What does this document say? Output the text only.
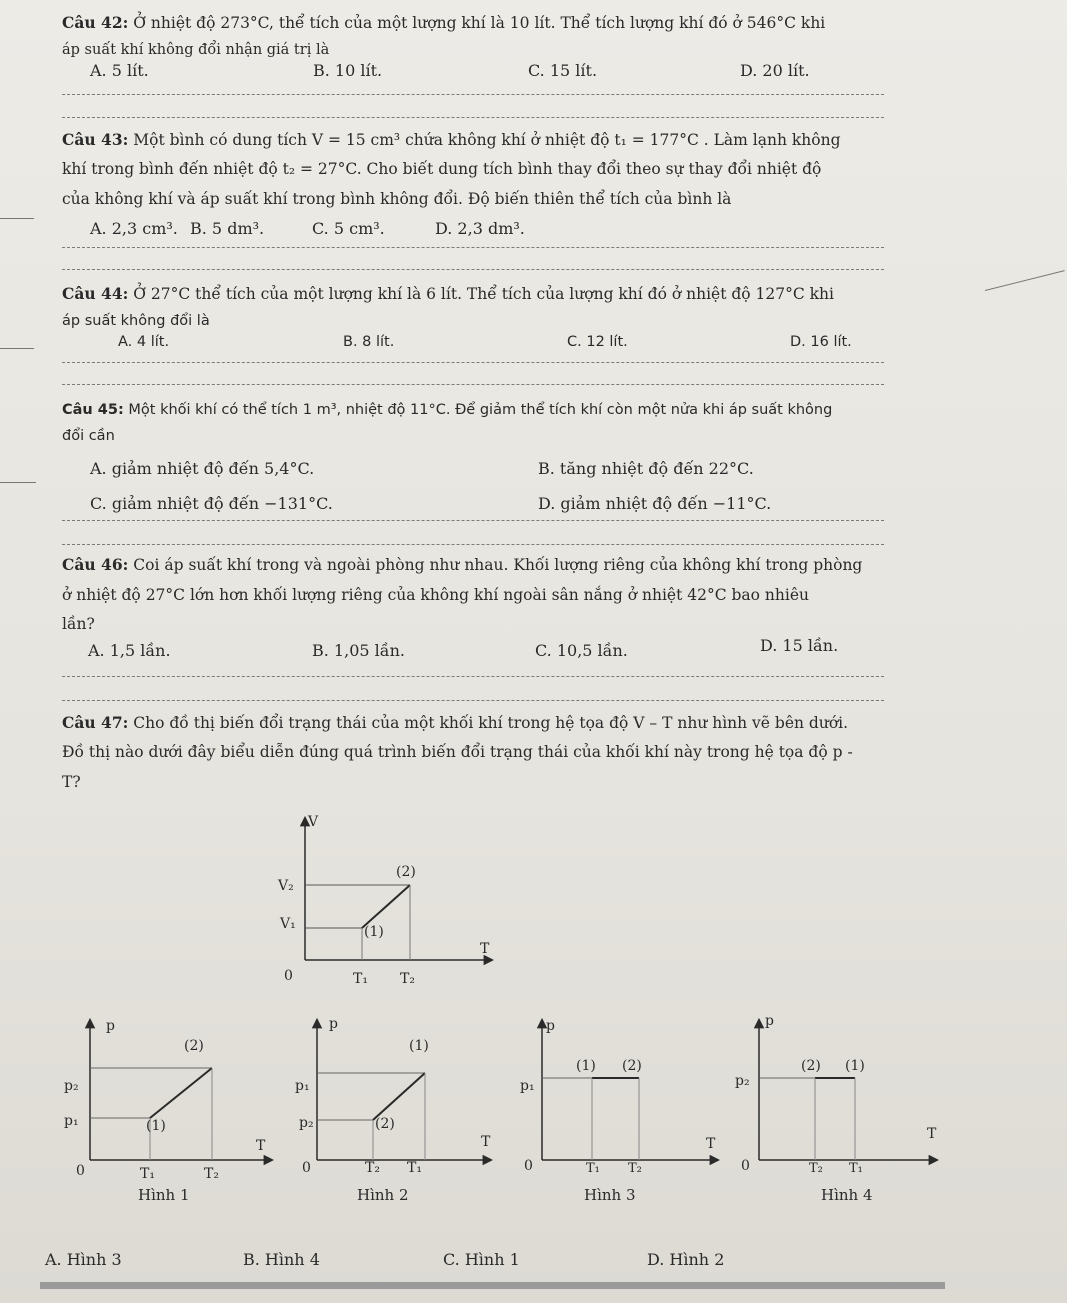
Câu 42: Ở nhiệt độ 273°C, thể tích của một lượng khí là 10 lít. Thể tích lượng khí đó ở 546°C khi
áp suất khí không đổi nhận giá trị là
A. 5 lít.	B. 10 lít.	C. 15 lít.	D. 20 lít.
Câu 43: Một bình có dung tích V = 15 cm³ chứa không khí ở nhiệt độ t₁ = 177°C . Làm lạnh không
khí trong bình đến nhiệt độ t₂ = 27°C. Cho biết dung tích bình thay đổi theo sự thay đổi nhiệt độ
của không khí và áp suất khí trong bình không đổi. Độ biến thiên thể tích của bình là
A. 2,3 cm³. B. 5 dm³.	C. 5 cm³.	D. 2,3 dm³.
Câu 44: Ở 27°C thể tích của một lượng khí là 6 lít. Thể tích của lượng khí đó ở nhiệt độ 127°C khi
áp suất không đổi là
A. 4 lít.	B. 8 lít.	C. 12 lít.	D. 16 lít.
Câu 45: Một khối khí có thể tích 1 m³, nhiệt độ 11°C. Để giảm thể tích khí còn một nửa khi áp suất không
đổi cần
A. giảm nhiệt độ đến 5,4°C.	B. tăng nhiệt độ đến 22°C.
C. giảm nhiệt độ đến −131°C.	D. giảm nhiệt độ đến −11°C.
Câu 46: Coi áp suất khí trong và ngoài phòng như nhau. Khối lượng riêng của không khí trong phòng
ở nhiệt độ 27°C lớn hơn khối lượng riêng của không khí ngoài sân nắng ở nhiệt 42°C bao nhiêu
lần?
A. 1,5 lần.	B. 1,05 lần.	C. 10,5 lần.	D. 15 lần.
Câu 47: Cho đồ thị biến đổi trạng thái của một khối khí trong hệ tọa độ V – T như hình vẽ bên dưới.
Đồ thị nào dưới đây biểu diễn đúng quá trình biến đổi trạng thái của khối khí này trong hệ tọa độ p -
T?
V
T
0
V₂
V₁
T₁ T₂
(2)
(1)
p
T
0
p₂
p₁
T₁	T₂
(2)
(1)
Hình 1
p
T
0
p₁
p₂
T₂ T₁
(1)
(2)
Hình 2
p
T
0
p₁
T₁ T₂
(1) (2)
Hình 3
p
T
0
p₂
T₂ T₁
(2) (1)
Hình 4
A. Hình 3	B. Hình 4	C. Hình 1	D. Hình 2
